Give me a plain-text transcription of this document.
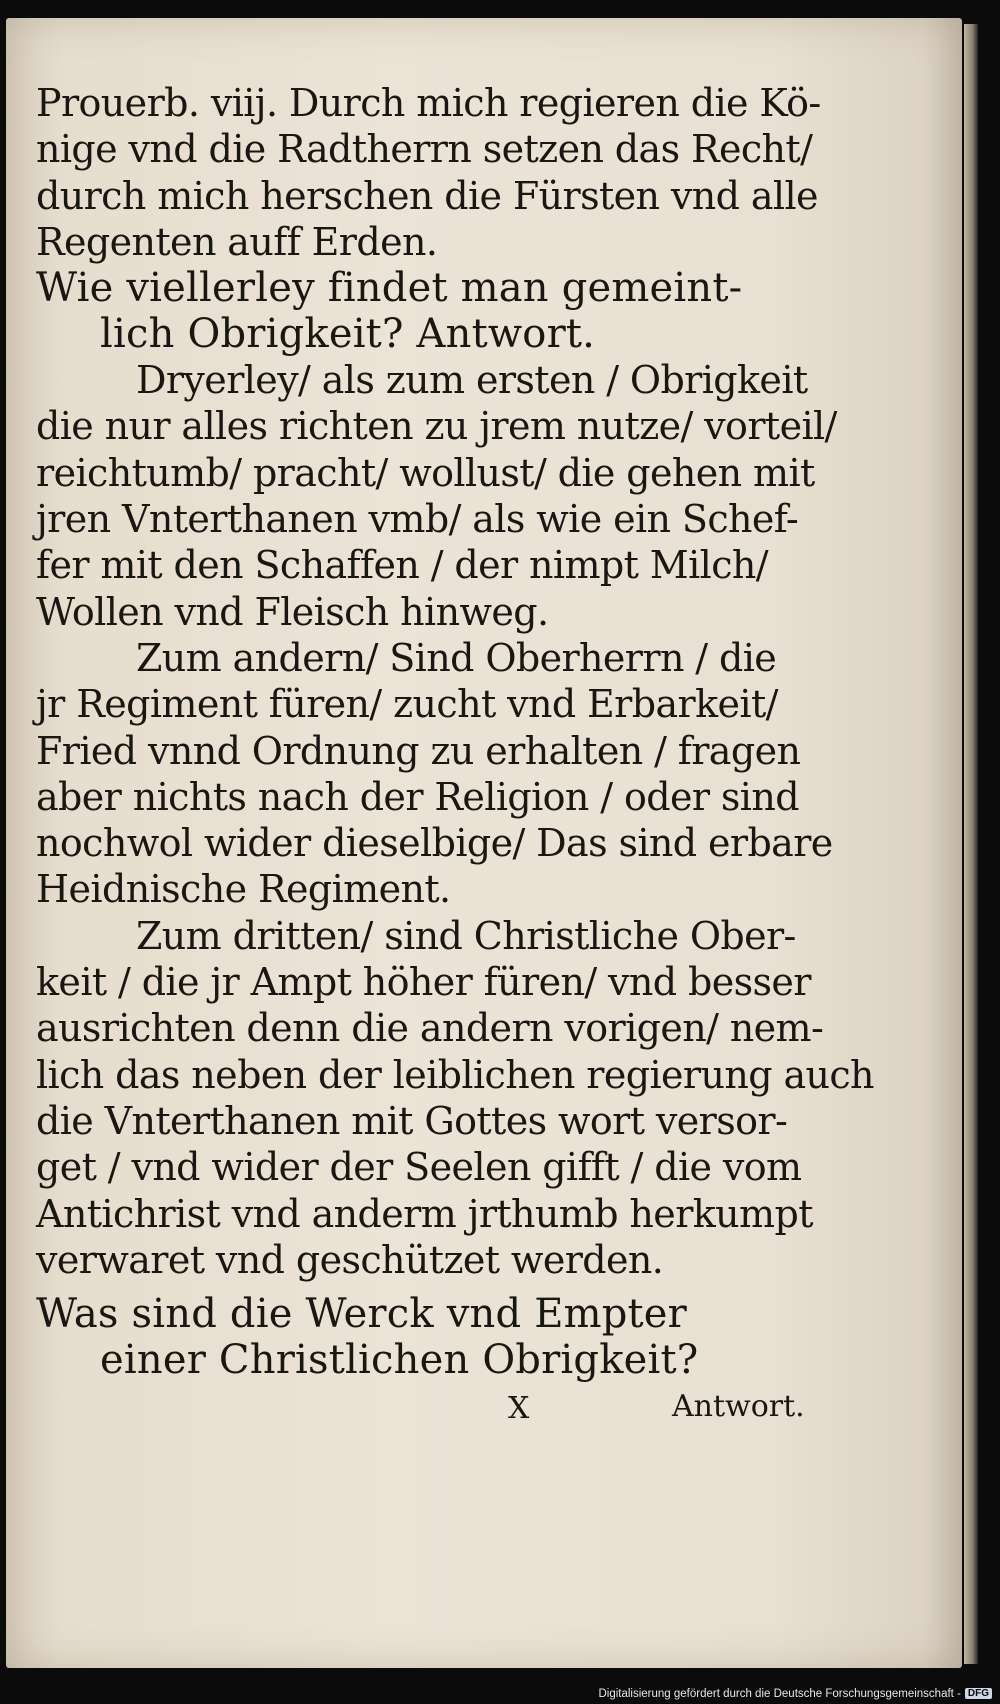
Prouerb. viij. Durch mich regieren die Kö-
nige vnd die Radtherrn setzen das Recht/
durch mich herschen die Fürsten vnd alle
Regenten auff Erden.
Wie viellerley findet man gemeint-
lich Obrigkeit? Antwort.
Dryerley/ als zum ersten / Obrigkeit
die nur alles richten zu jrem nutze/ vorteil/
reichtumb/ pracht/ wollust/ die gehen mit
jren Vnterthanen vmb/ als wie ein Schef-
fer mit den Schaffen / der nimpt Milch/
Wollen vnd Fleisch hinweg.
Zum andern/ Sind Oberherrn / die
jr Regiment füren/ zucht vnd Erbarkeit/
Fried vnnd Ordnung zu erhalten / fragen
aber nichts nach der Religion / oder sind
nochwol wider dieselbige/ Das sind erbare
Heidnische Regiment.
Zum dritten/ sind Christliche Ober-
keit / die jr Ampt höher füren/ vnd besser
ausrichten denn die andern vorigen/ nem-
lich das neben der leiblichen regierung auch
die Vnterthanen mit Gottes wort versor-
get / vnd wider der Seelen gifft / die vom
Antichrist vnd anderm jrthumb herkumpt
verwaret vnd geschützet werden.
Was sind die Werck vnd Empter
einer Christlichen Obrigkeit?
X	Antwort.
Digitalisierung gefördert durch die Deutsche Forschungsgemeinschaft - DFG
